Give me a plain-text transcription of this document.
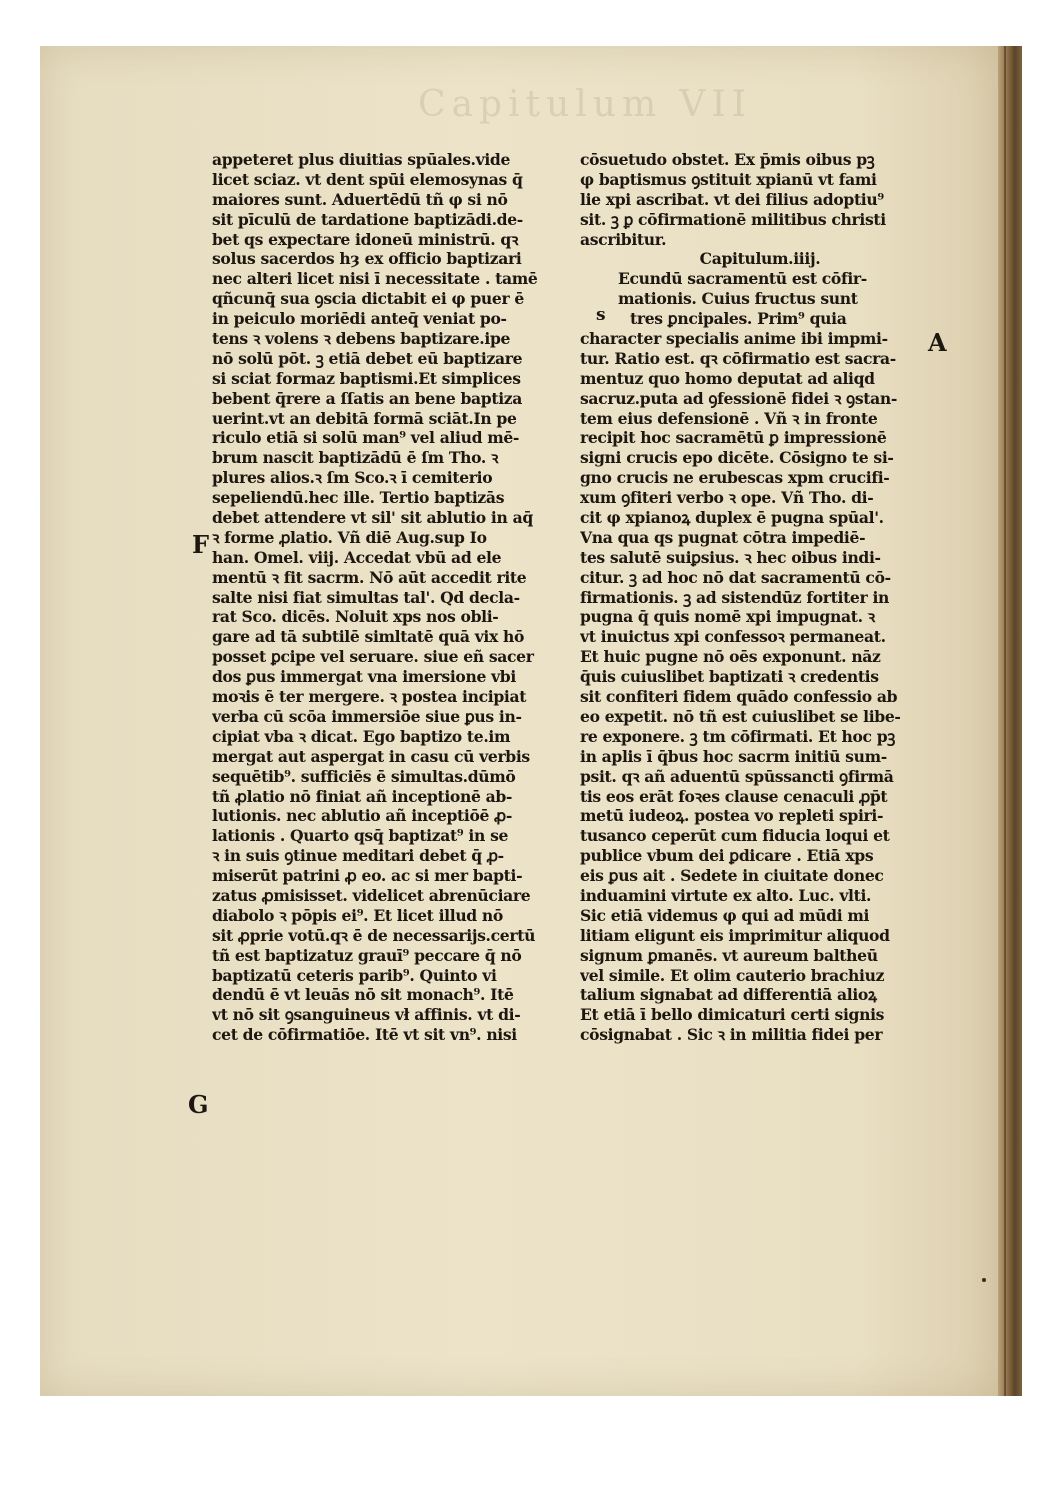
Capitulum VII
appeteret plus diuitias spūales.vide
licet sciaz. vt dent spūi elemosynas q̄
maiores sunt. Aduertēdū tñ φ si nō
sit pīculū de tardatione baptizādi.de-
bet qs expectare idoneū ministrū. qꝛ
solus sacerdos hȝ ex officio baptizari
nec alteri licet nisi ī necessitate . tamē
qñcunq̄ sua ꝯscia dictabit ei φ puer ē
in peiculo moriēdi anteq̄ veniat po-
tens ꝛ volens ꝛ debens baptizare.ipe
nō solū pōt. ꝫ etiā debet eū baptizare
si sciat formaz baptismi.Et simplices
bebent q̄rere a ſſatis an bene baptiza
uerint.vt an debitā formā sciāt.In pe
riculo etiā si solū man⁹ vel aliud mē-
brum nascit baptizādū ē ſm Tho. ꝛ
plures alios.ꝛ ſm Sco.ꝛ ī cemiterio
sepeliendū.hec ille. Tertio baptizās
debet attendere vt sil' sit ablutio in aq̄
ꝛ forme ꝓlatio. Vñ diē Aug.sup Io
han. Omel. viij. Accedat vbū ad ele
mentū ꝛ fit sacrm. Nō aūt accedit rite
salte nisi fiat simultas tal'. Qd decla-
rat Sco. dicēs. Noluit xps nos obli-
gare ad tā subtilē simltatē quā vix hō
posset ꝑcipe vel seruare. siue eñ sacer
dos ꝑus immergat vna imersione vbi
moꝛis ē ter mergere. ꝛ postea incipiat
verba cū scōa immersiōe siue ꝑus in-
cipiat vba ꝛ dicat. Ego baptizo te.im
mergat aut aspergat in casu cū verbis
sequētib⁹. sufficiēs ē simultas.dūmō
tñ ꝓlatio nō finiat añ inceptionē ab-
lutionis. nec ablutio añ inceptiōē ꝓ-
lationis . Quarto qsq̄ baptizat⁹ in se
ꝛ in suis ꝯtinue meditari debet q̄ ꝓ-
miserūt patrini ꝓ eo. ac si mer bapti-
zatus ꝓmisisset. videlicet abrenūciare
diabolo ꝛ pōpis ei⁹. Et licet illud nō
sit ꝓprie votū.qꝛ ē de necessarijs.certū
tñ est baptizatuz grauī⁹ peccare q̄ nō
baptizatū ceteris parib⁹. Quinto vi
dendū ē vt leuās nō sit monach⁹. Itē
vt nō sit ꝯsanguineus vł affinis. vt di-
cet de cōfirmatiōe. Itē vt sit vn⁹. nisi
cōsuetudo obstet. Ex p̄mis oibus pꝫ
φ baptismus ꝯstituit xpianū vt fami
lie xpi ascribat. vt dei filius adoptiu⁹
sit. ꝫ ꝑ cōfirmationē militibus christi
ascribitur.
Capitulum.iiij.
Ecundū sacramentū est cōfir-
mationis. Cuius fructus sunt
tres ꝑncipales. Prim⁹ quia
character specialis anime ibi impmi-
tur. Ratio est. qꝛ cōfirmatio est sacra-
mentuz quo homo deputat ad aliqd
sacruz.puta ad ꝯfessionē fidei ꝛ ꝯstan-
tem eius defensionē . Vñ ꝛ in fronte
recipit hoc sacramētū ꝑ impressionē
signi crucis epo dicēte. Cōsigno te si-
gno crucis ne erubescas xpm crucifi-
xum ꝯfiteri verbo ꝛ ope. Vñ Tho. di-
cit φ xpianoꝝ duplex ē pugna spūal'.
Vna qua qs pugnat cōtra impediē-
tes salutē suiꝑsius. ꝛ hec oibus indi-
citur. ꝫ ad hoc nō dat sacramentū cō-
firmationis. ꝫ ad sistendūz fortiter in
pugna q̄ quis nomē xpi impugnat. ꝛ
vt inuictus xpi confessoꝛ permaneat.
Et huic pugne nō oēs exponunt. nāz
q̄uis cuiuslibet baptizati ꝛ credentis
sit confiteri fidem quādo confessio ab
eo expetit. nō tñ est cuiuslibet se libe-
re exponere. ꝫ tm cōfirmati. Et hoc pꝫ
in aplis ī q̄bus hoc sacrm initiū sum-
psit. qꝛ añ aduentū spūssancti ꝯfirmā
tis eos erāt foꝛes clause cenaculi ꝓp̄t
metū iudeoꝝ. postea vo repleti spiri-
tusanco ceperūt cum fiducia loqui et
publice vbum dei ꝑdicare . Etiā xps
eis ꝑus ait . Sedete in ciuitate donec
induamini virtute ex alto. Luc. vlti.
Sic etiā videmus φ qui ad mūdi mi
litiam eligunt eis imprimitur aliquod
signum ꝑmanēs. vt aureum baltheū
vel simile. Et olim cauterio brachiuz
talium signabat ad differentiā alioꝝ
Et etiā ī bello dimicaturi certi signis
cōsignabat . Sic ꝛ in militia fidei per
F
G
A
s
